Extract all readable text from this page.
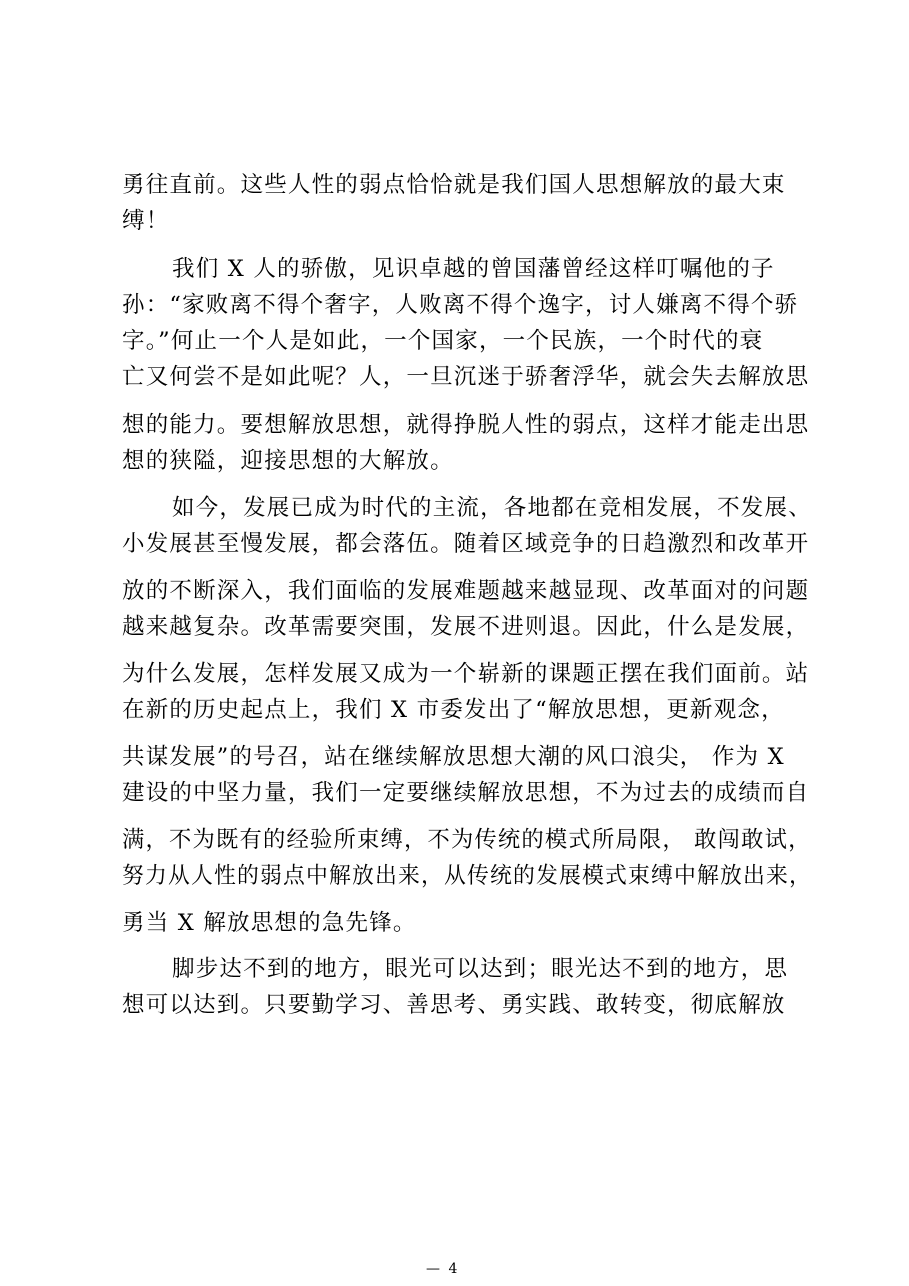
勇往直前。这些人性的弱点恰恰就是我们国人思想解放的最大束
缚！
我们 X 人的骄傲，见识卓越的曾国藩曾经这样叮嘱他的子
孙：“家败离不得个奢字，人败离不得个逸字，讨人嫌离不得个骄
字。”何止一个人是如此，一个国家，一个民族，一个时代的衰
亡又何尝不是如此呢？人，一旦沉迷于骄奢浮华，就会失去解放思
想的能力。要想解放思想，就得挣脱人性的弱点，这样才能走出思
想的狭隘，迎接思想的大解放。
如今，发展已成为时代的主流，各地都在竞相发展，不发展、
小发展甚至慢发展，都会落伍。随着区域竞争的日趋激烈和改革开
放的不断深入，我们面临的发展难题越来越显现、改革面对的问题
越来越复杂。改革需要突围，发展不进则退。因此，什么是发展，
为什么发展，怎样发展又成为一个崭新的课题正摆在我们面前。站
在新的历史起点上，我们 X 市委发出了“解放思想，更新观念，
共谋发展”的号召，站在继续解放思想大潮的风口浪尖， 作为 X
建设的中坚力量，我们一定要继续解放思想，不为过去的成绩而自
满，不为既有的经验所束缚，不为传统的模式所局限， 敢闯敢试，
努力从人性的弱点中解放出来，从传统的发展模式束缚中解放出来，
勇当 X 解放思想的急先锋。
脚步达不到的地方，眼光可以达到；眼光达不到的地方，思
想可以达到。只要勤学习、善思考、勇实践、敢转变，彻底解放
— 4
